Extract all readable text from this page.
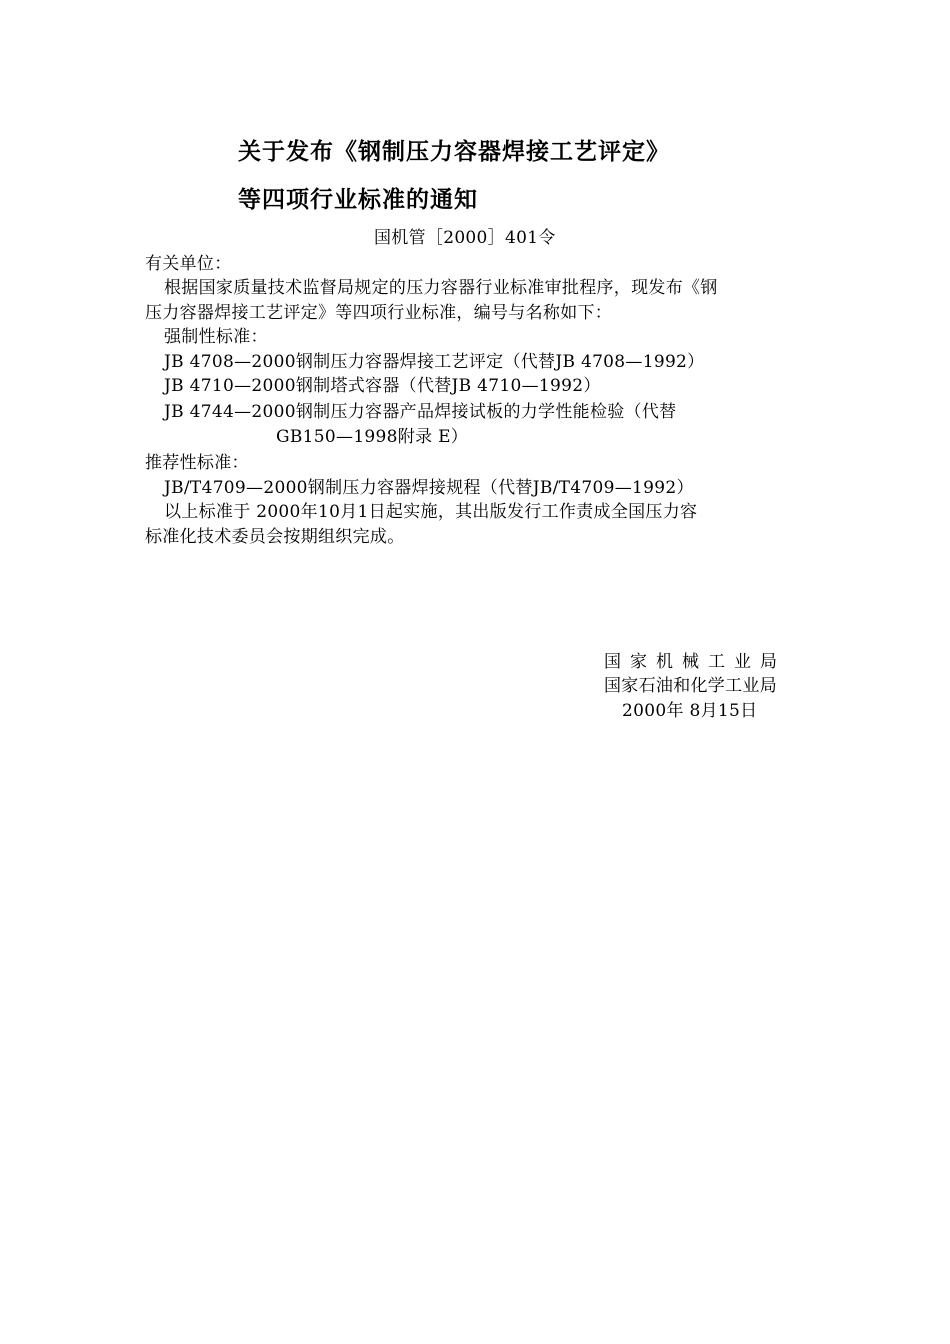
关于发布《钢制压力容器焊接工艺评定》
等四项行业标准的通知
国机管［2000］401令
有关单位：
根据国家质量技术监督局规定的压力容器行业标准审批程序，现发布《钢
压力容器焊接工艺评定》等四项行业标准，编号与名称如下：
强制性标准：
JB 4708—2000钢制压力容器焊接工艺评定（代替JB 4708—1992）
JB 4710—2000钢制塔式容器（代替JB 4710—1992）
JB 4744—2000钢制压力容器产品焊接试板的力学性能检验（代替
GB150—1998附录 E）
推荐性标准：
JB/T4709—2000钢制压力容器焊接规程（代替JB/T4709—1992）
以上标准于 2000年10月1日起实施，其出版发行工作责成全国压力容
标准化技术委员会按期组织完成。
国家机械工业局
国家石油和化学工业局
2000年 8月15日
